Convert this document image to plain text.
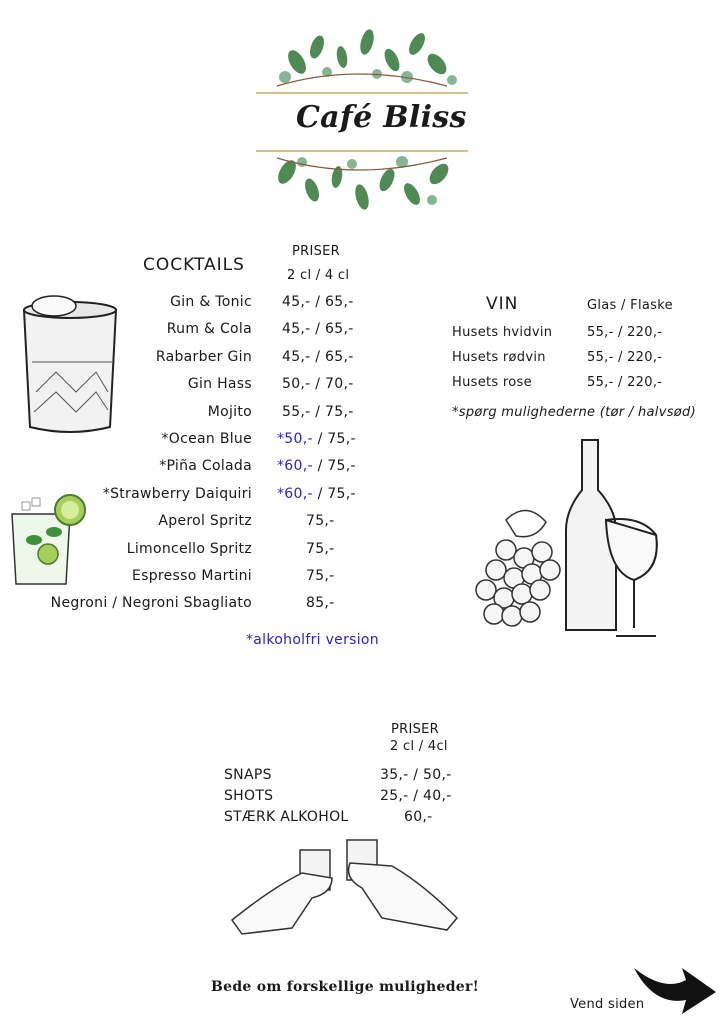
Café Bliss
COCKTAILS
PRISER
2 cl / 4 cl
Gin & Tonic 45,- / 65,-
Rum & Cola 45,- / 65,-
Rabarber Gin 45,- / 65,-
Gin Hass 50,- / 70,-
Mojito 55,- / 75,-
*Ocean Blue *50,- / 75,-
*Piña Colada *60,- / 75,-
*Strawberry Daiquiri *60,- / 75,-
Aperol Spritz	75,-
Limoncello Spritz	75,-
Espresso Martini	75,-
Negroni / Negroni Sbagliato	85,-
*alkoholfri version
VIN	Glas / Flaske
Husets hvidvin	55,- / 220,-
Husets rødvin	55,- / 220,-
Husets rose	55,- / 220,-
*spørg mulighederne (tør / halvsød)
PRISER
2 cl / 4cl
SNAPS	35,- / 50,-
SHOTS	25,- / 40,-
STÆRK ALKOHOL	60,-
Bede om forskellige muligheder!
Vend siden
